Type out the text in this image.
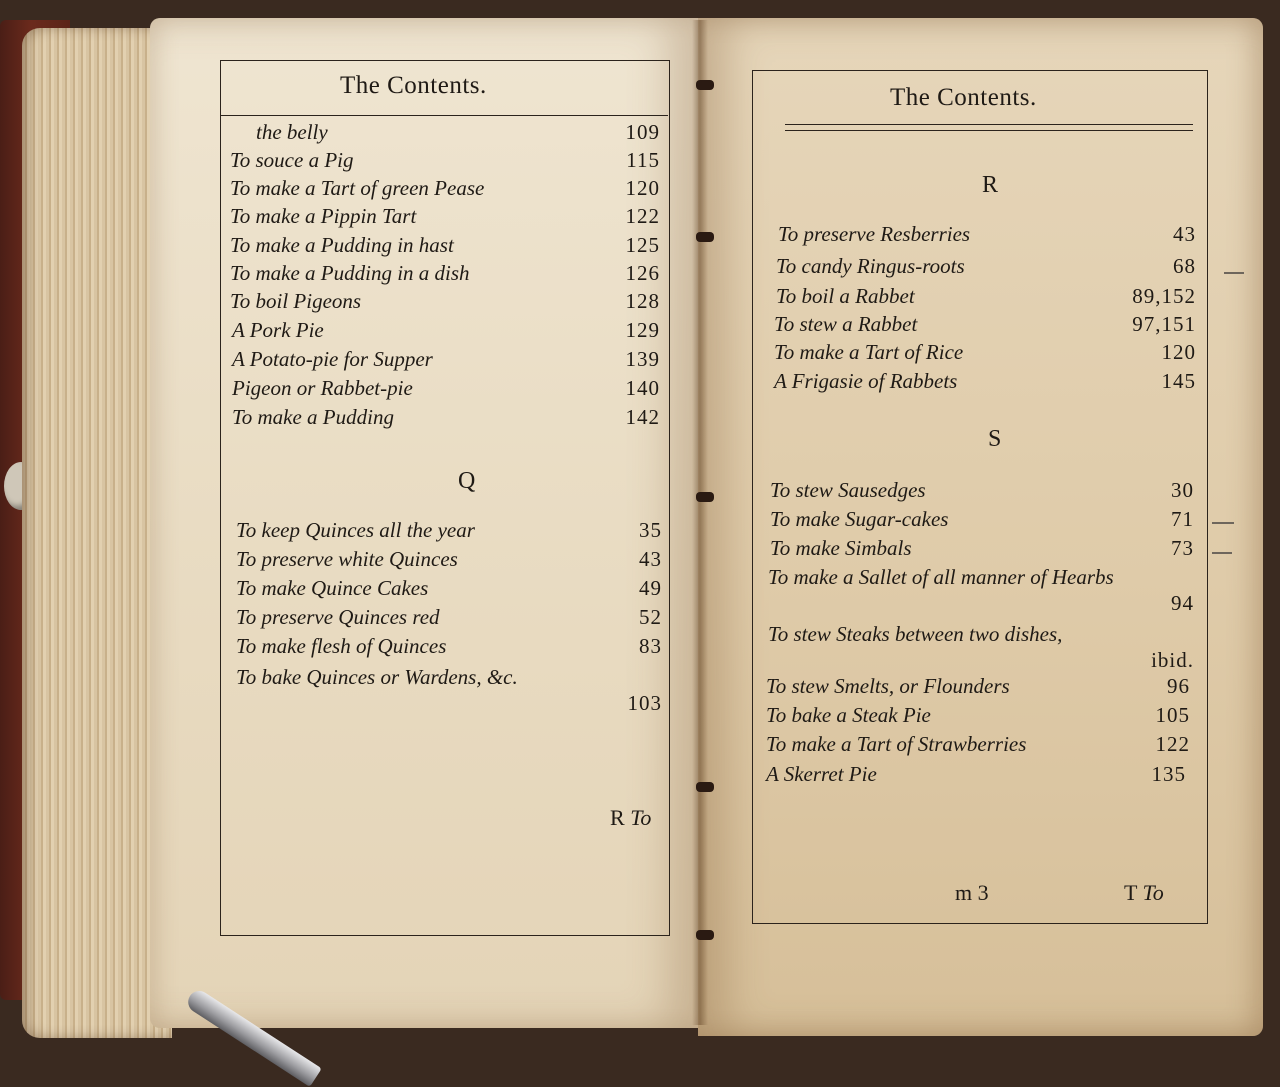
The Contents.
the belly	109
To souce a Pig	115
To make a Tart of green Pease	120
To make a Pippin Tart	122
To make a Pudding in hast	125
To make a Pudding in a dish	126
To boil Pigeons	128
A Pork Pie	129
A Potato-pie for Supper	139
Pigeon or Rabbet-pie	140
To make a Pudding	142
Q
To keep Quinces all the year	35
To preserve white Quinces	43
To make Quince Cakes	49
To preserve Quinces red	52
To make flesh of Quinces	83
To bake Quinces or Wardens, &c.
103
R To
The Contents.
R
To preserve Resberries	43
To candy Ringus-roots	68
To boil a Rabbet	89,152
To stew a Rabbet	97,151
To make a Tart of Rice	120
A Frigasie of Rabbets	145
S
To stew Sausedges	30
To make Sugar-cakes	71
To make Simbals	73
To make a Sallet of all manner of Hearbs
94
To stew Steaks between two dishes,
ibid.
To stew Smelts, or Flounders	96
To bake a Steak Pie	105
To make a Tart of Strawberries	122
A Skerret Pie	135
m 3	T To
